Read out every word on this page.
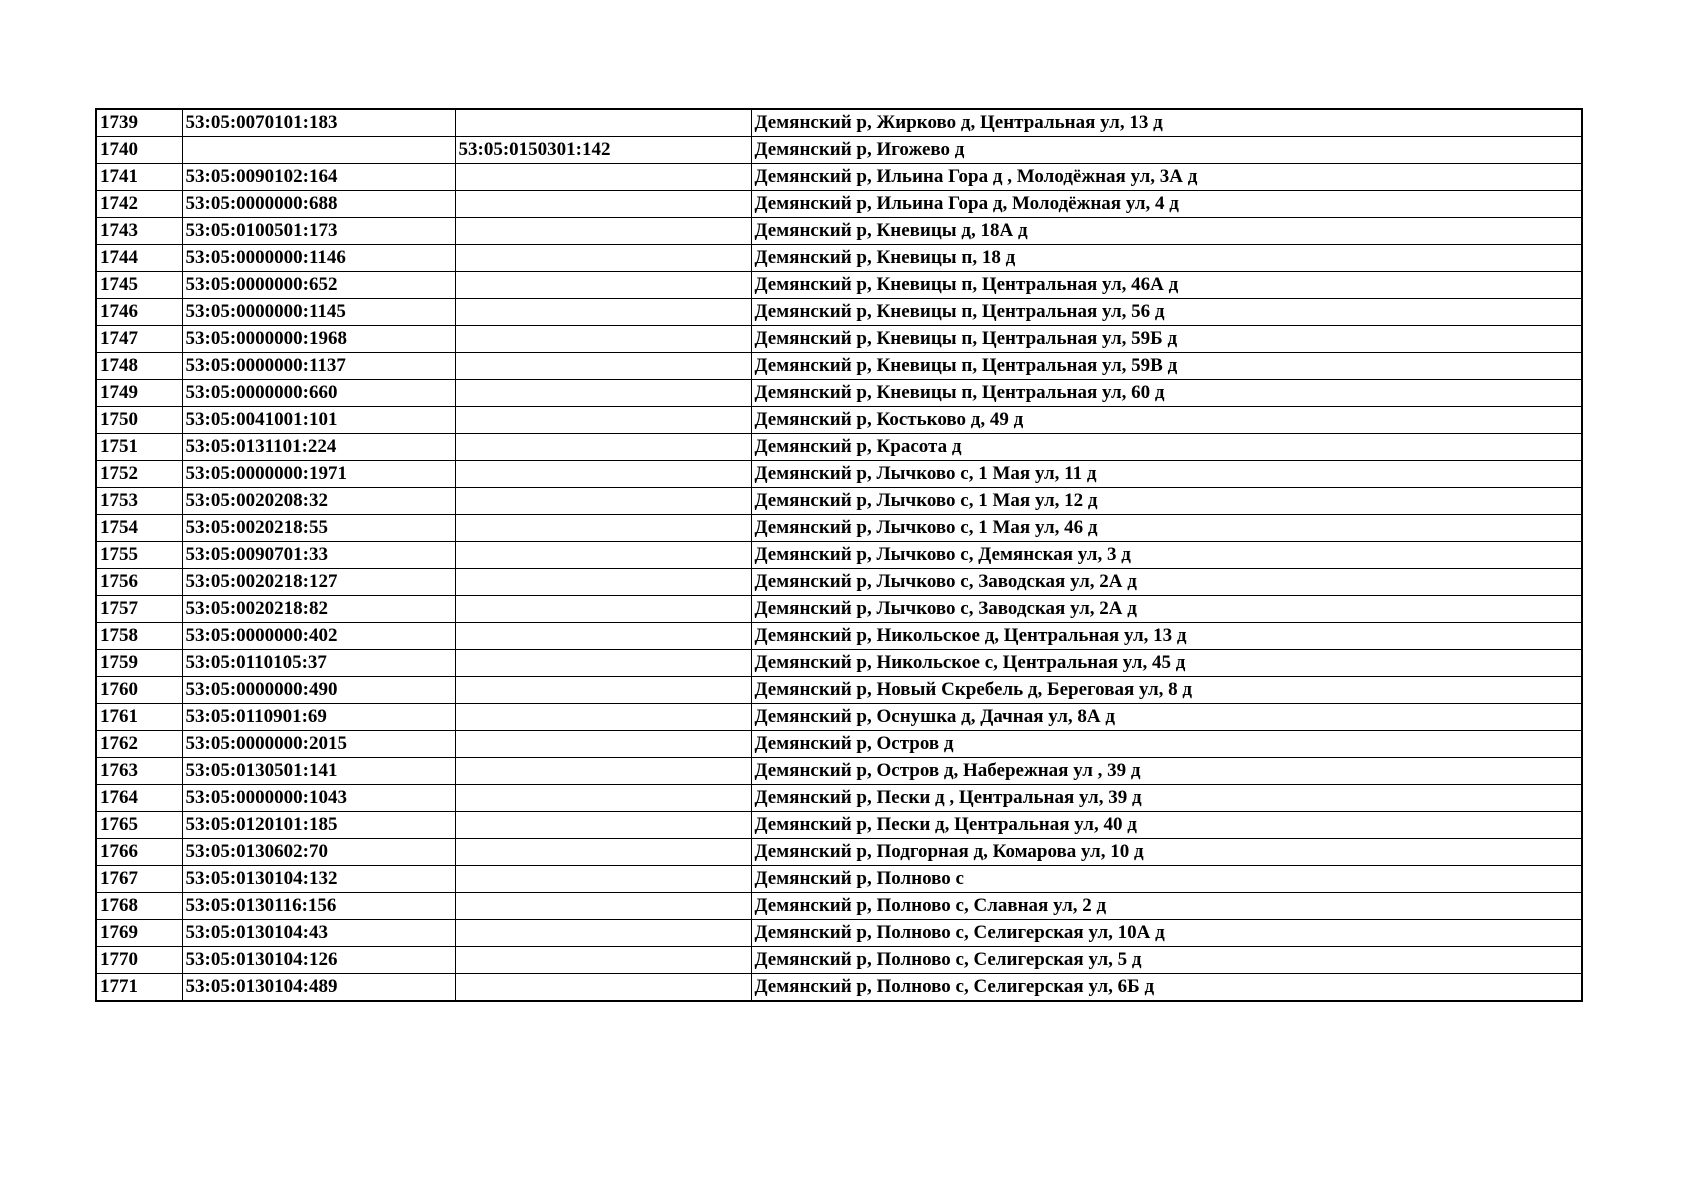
1739	53:05:0070101:183		Демянский р, Жирково д, Центральная ул, 13 д
1740		53:05:0150301:142	Демянский р, Игожево д
1741	53:05:0090102:164		Демянский р, Ильина Гора д , Молодёжная ул, 3А д
1742	53:05:0000000:688		Демянский р, Ильина Гора д, Молодёжная ул, 4 д
1743	53:05:0100501:173		Демянский р, Кневицы д, 18А д
1744	53:05:0000000:1146		Демянский р, Кневицы п, 18 д
1745	53:05:0000000:652		Демянский р, Кневицы п, Центральная ул, 46А д
1746	53:05:0000000:1145		Демянский р, Кневицы п, Центральная ул, 56 д
1747	53:05:0000000:1968		Демянский р, Кневицы п, Центральная ул, 59Б д
1748	53:05:0000000:1137		Демянский р, Кневицы п, Центральная ул, 59В д
1749	53:05:0000000:660		Демянский р, Кневицы п, Центральная ул, 60 д
1750	53:05:0041001:101		Демянский р, Костьково д, 49 д
1751	53:05:0131101:224		Демянский р, Красота д
1752	53:05:0000000:1971		Демянский р, Лычково с, 1 Мая ул, 11 д
1753	53:05:0020208:32		Демянский р, Лычково с, 1 Мая ул, 12 д
1754	53:05:0020218:55		Демянский р, Лычково с, 1 Мая ул, 46 д
1755	53:05:0090701:33		Демянский р, Лычково с, Демянская ул, 3 д
1756	53:05:0020218:127		Демянский р, Лычково с, Заводская ул, 2А д
1757	53:05:0020218:82		Демянский р, Лычково с, Заводская ул, 2А д
1758	53:05:0000000:402		Демянский р, Никольское д, Центральная ул, 13 д
1759	53:05:0110105:37		Демянский р, Никольское с, Центральная ул, 45 д
1760	53:05:0000000:490		Демянский р, Новый Скребель д, Береговая ул, 8 д
1761	53:05:0110901:69		Демянский р, Оснушка д, Дачная ул, 8А д
1762	53:05:0000000:2015		Демянский р, Остров д
1763	53:05:0130501:141		Демянский р, Остров д, Набережная ул , 39 д
1764	53:05:0000000:1043		Демянский р, Пески д , Центральная ул, 39 д
1765	53:05:0120101:185		Демянский р, Пески д, Центральная ул, 40 д
1766	53:05:0130602:70		Демянский р, Подгорная д, Комарова ул, 10 д
1767	53:05:0130104:132		Демянский р, Полново с
1768	53:05:0130116:156		Демянский р, Полново с, Славная ул, 2 д
1769	53:05:0130104:43		Демянский р, Полново с, Селигерская ул, 10А д
1770	53:05:0130104:126		Демянский р, Полново с, Селигерская ул, 5 д
1771	53:05:0130104:489		Демянский р, Полново с, Селигерская ул, 6Б д
